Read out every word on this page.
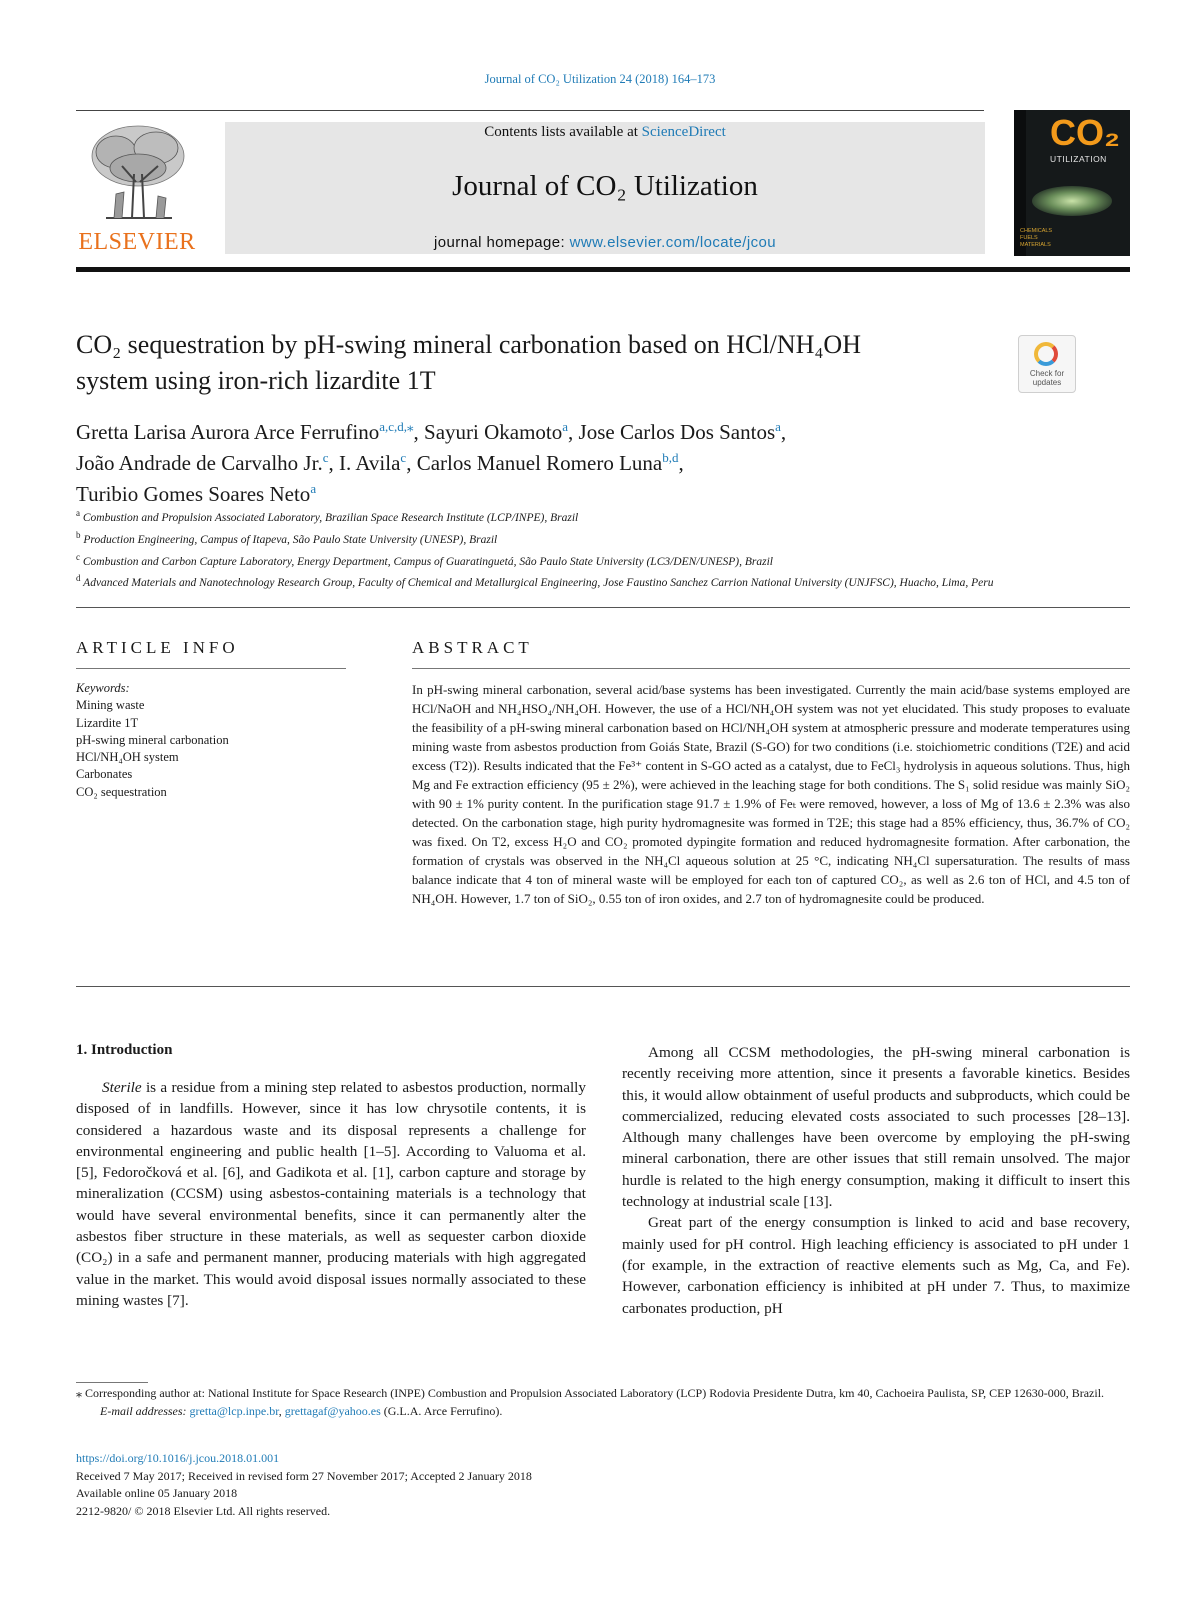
Journal of CO₂ Utilization 24 (2018) 164–173
ELSEVIER
Contents lists available at ScienceDirect
Journal of CO₂ Utilization
journal homepage: www.elsevier.com/locate/jcou
CO₂
UTILIZATION
CHEMICALS
FUELS
MATERIALS
CO₂ sequestration by pH-swing mineral carbonation based on HCl/NH₄OH
system using iron-rich lizardite 1T	Check for
updates
Gretta Larisa Aurora Arce Ferrufino$^{a,c,d,⁎}$, Sayuri Okamoto$^a$, Jose Carlos Dos Santos$^a$,
João Andrade de Carvalho Jr.$^c$, I. Avila$^c$, Carlos Manuel Romero Luna$^{b,d}$,
Turibio Gomes Soares Neto$^a$
$^a$ Combustion and Propulsion Associated Laboratory, Brazilian Space Research Institute (LCP/INPE), Brazil
$^b$ Production Engineering, Campus of Itapeva, São Paulo State University (UNESP), Brazil
$^c$ Combustion and Carbon Capture Laboratory, Energy Department, Campus of Guaratinguetá, São Paulo State University (LC3/DEN/UNESP), Brazil
$^d$ Advanced Materials and Nanotechnology Research Group, Faculty of Chemical and Metallurgical Engineering, Jose Faustino Sanchez Carrion National University (UNJFSC), Huacho, Lima, Peru
ARTICLE INFO	ABSTRACT
Keywords:
Mining waste
Lizardite 1T
pH-swing mineral carbonation
HCl/NH₄OH system
Carbonates
CO₂ sequestration
In pH-swing mineral carbonation, several acid/base systems has been investigated. Currently the main acid/base systems employed are HCl/NaOH and NH₄HSO₄/NH₄OH. However, the use of a HCl/NH₄OH system was not yet elucidated. This study proposes to evaluate the feasibility of a pH-swing mineral carbonation based on HCl/NH₄OH system at atmospheric pressure and moderate temperatures using mining waste from asbestos production from Goiás State, Brazil (S-GO) for two conditions (i.e. stoichiometric conditions (T2E) and acid excess (T2)). Results indicated that the Fe³⁺ content in S-GO acted as a catalyst, due to FeCl₃ hydrolysis in aqueous solutions. Thus, high Mg and Fe extraction efficiency (95 ± 2%), were achieved in the leaching stage for both conditions. The S₁ solid residue was mainly SiO₂ with 90 ± 1% purity content. In the purification stage 91.7 ± 1.9% of Feₜ were removed, however, a loss of Mg of 13.6 ± 2.3% was also detected. On the carbonation stage, high purity hydromagnesite was formed in T2E; this stage had a 85% efficiency, thus, 36.7% of CO₂ was fixed. On T2, excess H₂O and CO₂ promoted dypingite formation and reduced hydromagnesite formation. After carbonation, the formation of crystals was observed in the NH₄Cl aqueous solution at 25 °C, indicating NH₄Cl supersaturation. The results of mass balance indicate that 4 ton of mineral waste will be employed for each ton of captured CO₂, as well as 2.6 ton of HCl, and 4.5 ton of NH₄OH. However, 1.7 ton of SiO₂, 0.55 ton of iron oxides, and 2.7 ton of hydromagnesite could be produced.
1. Introduction

Sterile is a residue from a mining step related to asbestos production, normally disposed of in landfills. However, since it has low chrysotile contents, it is considered a hazardous waste and its disposal represents a challenge for environmental engineering and public health [1–5]. According to Valuoma et al. [5], Fedoročková et al. [6], and Gadikota et al. [1], carbon capture and storage by mineralization (CCSM) using asbestos-containing materials is a technology that would have several environmental benefits, since it can permanently alter the asbestos fiber structure in these materials, as well as sequester carbon dioxide (CO₂) in a safe and permanent manner, producing materials with high aggregated value in the market. This would avoid disposal issues normally associated to these mining wastes [7].

Among all CCSM methodologies, the pH-swing mineral carbonation is recently receiving more attention, since it presents a favorable kinetics. Besides this, it would allow obtainment of useful products and subproducts, which could be commercialized, reducing elevated costs associated to such processes [28–13]. Although many challenges have been overcome by employing the pH-swing mineral carbonation, there are other issues that still remain unsolved. The major hurdle is related to the high energy consumption, making it difficult to insert this technology at industrial scale [13].

Great part of the energy consumption is linked to acid and base recovery, mainly used for pH control. High leaching efficiency is associated to pH under 1 (for example, in the extraction of reactive elements such as Mg, Ca, and Fe). However, carbonation efficiency is inhibited at pH under 7. Thus, to maximize carbonates production, pH

⁎ Corresponding author at: National Institute for Space Research (INPE) Combustion and Propulsion Associated Laboratory (LCP) Rodovia Presidente Dutra, km 40, Cachoeira Paulista, SP, CEP 12630-000, Brazil.
E-mail addresses: gretta@lcp.inpe.br, grettagaf@yahoo.es (G.L.A. Arce Ferrufino).
https://doi.org/10.1016/j.jcou.2018.01.001
Received 7 May 2017; Received in revised form 27 November 2017; Accepted 2 January 2018
Available online 05 January 2018
2212-9820/ © 2018 Elsevier Ltd. All rights reserved.
